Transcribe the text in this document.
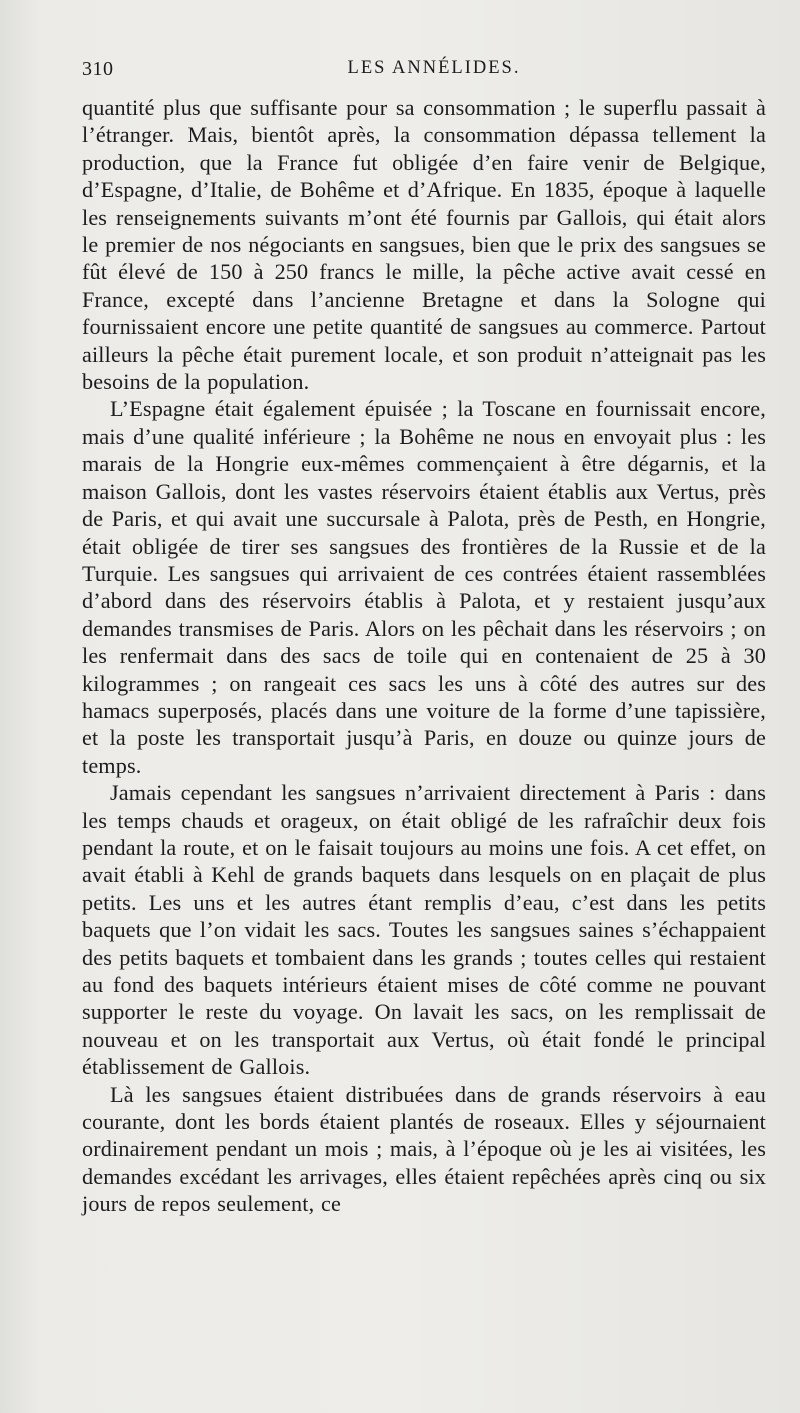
310	LES ANNÉLIDES.

quantité plus que suffisante pour sa consommation ; le superflu passait à l’étranger. Mais, bientôt après, la consommation dépassa tellement la production, que la France fut obligée d’en faire venir de Belgique, d’Espagne, d’Italie, de Bohême et d’Afrique. En 1835, époque à laquelle les renseignements suivants m’ont été fournis par Gallois, qui était alors le premier de nos négociants en sangsues, bien que le prix des sangsues se fût élevé de 150 à 250 francs le mille, la pêche active avait cessé en France, excepté dans l’ancienne Bretagne et dans la Sologne qui fournissaient encore une petite quantité de sangsues au commerce. Partout ailleurs la pêche était purement locale, et son produit n’atteignait pas les besoins de la population.

L’Espagne était également épuisée ; la Toscane en fournissait encore, mais d’une qualité inférieure ; la Bohême ne nous en envoyait plus : les marais de la Hongrie eux-mêmes commençaient à être dégarnis, et la maison Gallois, dont les vastes réservoirs étaient établis aux Vertus, près de Paris, et qui avait une succursale à Palota, près de Pesth, en Hongrie, était obligée de tirer ses sangsues des frontières de la Russie et de la Turquie. Les sangsues qui arrivaient de ces contrées étaient rassemblées d’abord dans des réservoirs établis à Palota, et y restaient jusqu’aux demandes transmises de Paris. Alors on les pêchait dans les réservoirs ; on les renfermait dans des sacs de toile qui en contenaient de 25 à 30 kilogrammes ; on rangeait ces sacs les uns à côté des autres sur des hamacs superposés, placés dans une voiture de la forme d’une tapissière, et la poste les transportait jusqu’à Paris, en douze ou quinze jours de temps.

Jamais cependant les sangsues n’arrivaient directement à Paris : dans les temps chauds et orageux, on était obligé de les rafraîchir deux fois pendant la route, et on le faisait toujours au moins une fois. A cet effet, on avait établi à Kehl de grands baquets dans lesquels on en plaçait de plus petits. Les uns et les autres étant remplis d’eau, c’est dans les petits baquets que l’on vidait les sacs. Toutes les sangsues saines s’échappaient des petits baquets et tombaient dans les grands ; toutes celles qui restaient au fond des baquets intérieurs étaient mises de côté comme ne pouvant supporter le reste du voyage. On lavait les sacs, on les remplissait de nouveau et on les transportait aux Vertus, où était fondé le principal établissement de Gallois.

Là les sangsues étaient distribuées dans de grands réservoirs à eau courante, dont les bords étaient plantés de roseaux. Elles y séjournaient ordinairement pendant un mois ; mais, à l’époque où je les ai visitées, les demandes excédant les arrivages, elles étaient repêchées après cinq ou six jours de repos seulement, ce
